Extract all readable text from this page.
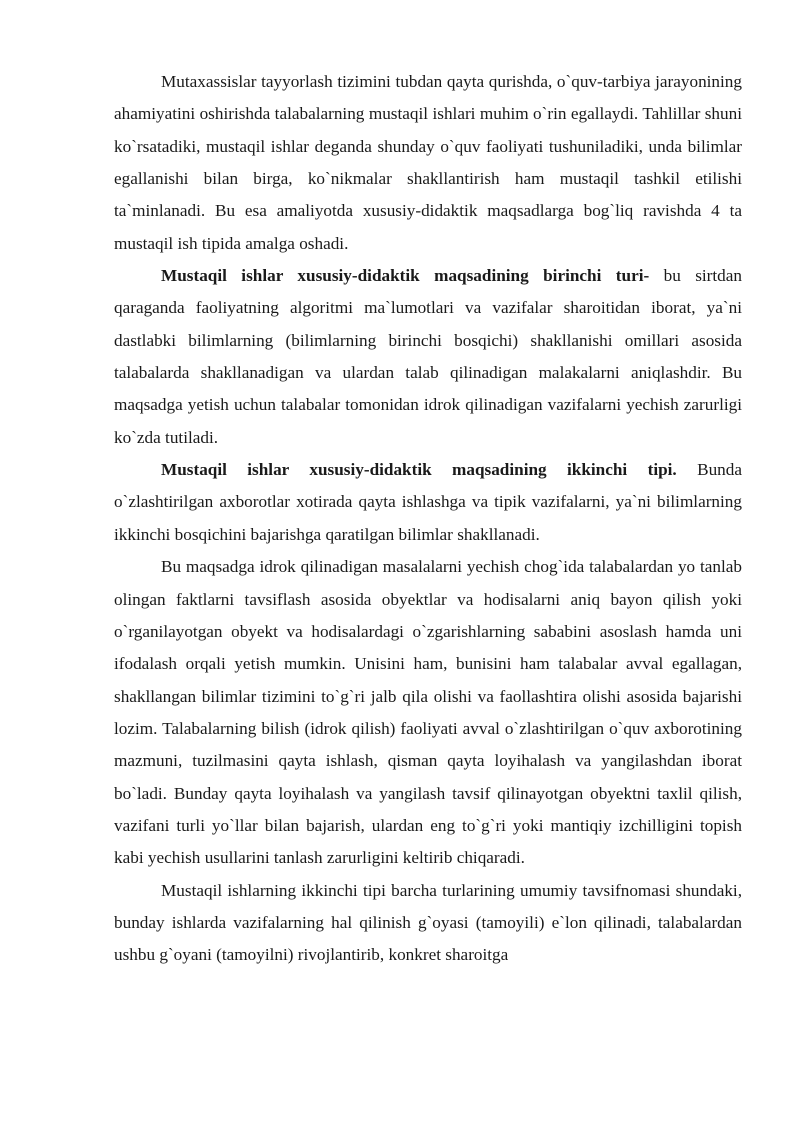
Mutaxassislar tayyorlash tizimini tubdan qayta qurishda, o`quv-tarbiya jarayonining ahamiyatini oshirishda talabalarning mustaqil ishlari muhim o`rin egallaydi. Tahlillar shuni ko`rsatadiki, mustaqil ishlar deganda shunday o`quv faoliyati tushuniladiki, unda bilimlar egallanishi bilan birga, ko`nikmalar shakllantirish ham mustaqil tashkil etilishi ta`minlanadi. Bu esa amaliyotda xususiy-didaktik maqsadlarga bog`liq ravishda 4 ta mustaqil ish tipida amalga oshadi.

Mustaqil ishlar xususiy-didaktik maqsadining birinchi turi- bu sirtdan qaraganda faoliyatning algoritmi ma`lumotlari va vazifalar sharoitidan iborat, ya`ni dastlabki bilimlarning (bilimlarning birinchi bosqichi) shakllanishi omillari asosida talabalarda shakllanadigan va ulardan talab qilinadigan malakalarni aniqlashdir. Bu maqsadga yetish uchun talabalar tomonidan idrok qilinadigan vazifalarni yechish zarurligi ko`zda tutiladi.

Mustaqil ishlar xususiy-didaktik maqsadining ikkinchi tipi. Bunda o`zlashtirilgan axborotlar xotirada qayta ishlashga va tipik vazifalarni, ya`ni bilimlarning ikkinchi bosqichini bajarishga qaratilgan bilimlar shakllanadi.

Bu maqsadga idrok qilinadigan masalalarni yechish chog`ida talabalardan yo tanlab olingan faktlarni tavsiflash asosida obyektlar va hodisalarni aniq bayon qilish yoki o`rganilayotgan obyekt va hodisalardagi o`zgarishlarning sababini asoslash hamda uni ifodalash orqali yetish mumkin. Unisini ham, bunisini ham talabalar avval egallagan, shakllangan bilimlar tizimini to`g`ri jalb qila olishi va faollashtira olishi asosida bajarishi lozim. Talabalarning bilish (idrok qilish) faoliyati avval o`zlashtirilgan o`quv axborotining mazmuni, tuzilmasini qayta ishlash, qisman qayta loyihalash va yangilashdan iborat bo`ladi. Bunday qayta loyihalash va yangilash tavsif qilinayotgan obyektni taxlil qilish, vazifani turli yo`llar bilan bajarish, ulardan eng to`g`ri yoki mantiqiy izchilligini topish kabi yechish usullarini tanlash zarurligini keltirib chiqaradi.

Mustaqil ishlarning ikkinchi tipi barcha turlarining umumiy tavsifnomasi shundaki, bunday ishlarda vazifalarning hal qilinish g`oyasi (tamoyili) e`lon qilinadi, talabalardan ushbu g`oyani (tamoyilni) rivojlantirib, konkret sharoitga
